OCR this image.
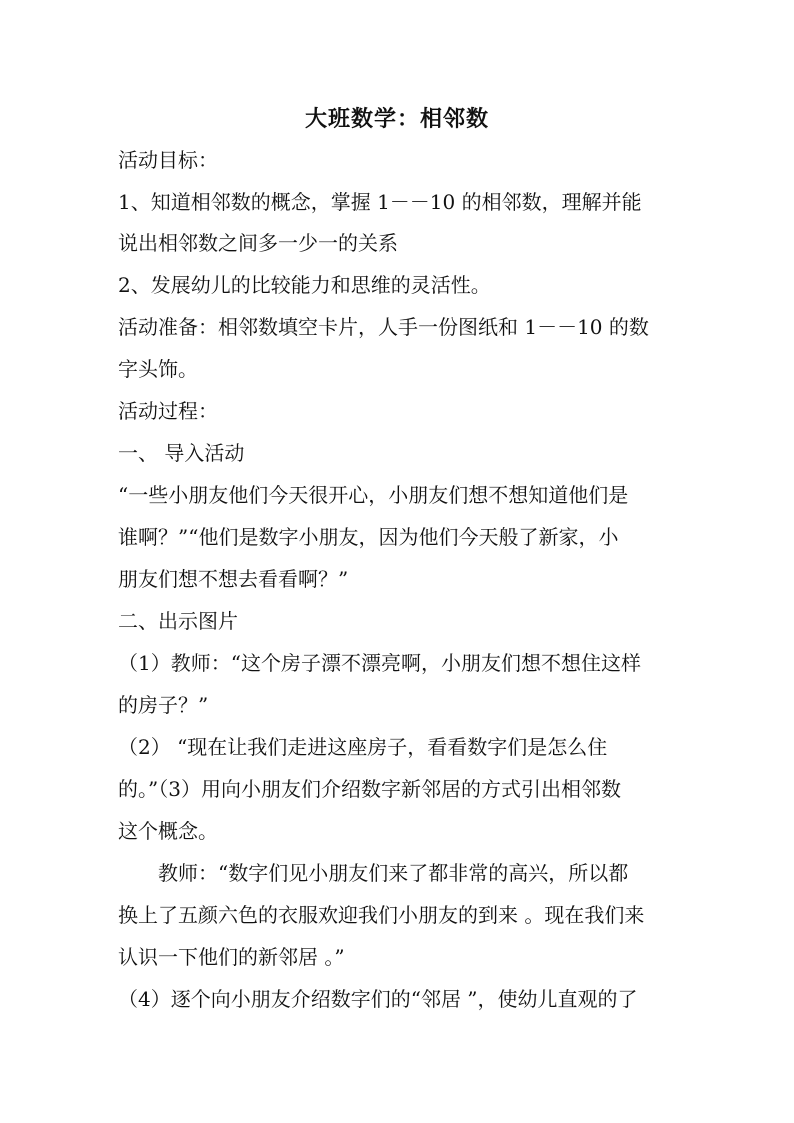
大班数学：相邻数
活动目标：
1、知道相邻数的概念，掌握 1－－10 的相邻数，理解并能
说出相邻数之间多一少一的关系
2、发展幼儿的比较能力和思维的灵活性。
活动准备：相邻数填空卡片，人手一份图纸和 1－－10 的数
字头饰。
活动过程：
一、 导入活动
“一些小朋友他们今天很开心，小朋友们想不想知道他们是
谁啊？”“他们是数字小朋友，因为他们今天般了新家，小
朋友们想不想去看看啊？”
二、出示图片
（1）教师：“这个房子漂不漂亮啊，小朋友们想不想住这样
的房子？”
（2） “现在让我们走进这座房子，看看数字们是怎么住
的。”（3）用向小朋友们介绍数字新邻居的方式引出相邻数
这个概念。
教师：“数字们见小朋友们来了都非常的高兴，所以都
换上了五颜六色的衣服欢迎我们小朋友的到来 。现在我们来
认识一下他们的新邻居 。”
（4）逐个向小朋友介绍数字们的“邻居 ”，使幼儿直观的了
